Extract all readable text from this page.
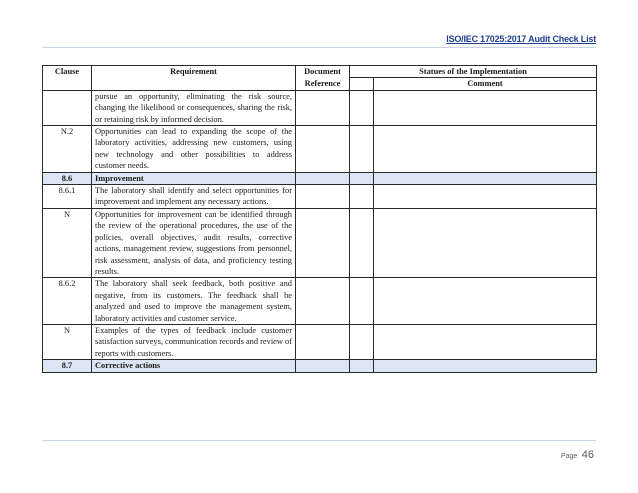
ISO/IEC 17025:2017 Audit Check List
Clause	Requirement	Document	Statues of the Implementation	
		Reference		Comment
	pursue an opportunity, eliminating the risk source, changing the likelihood or consequences, sharing the risk, or retaining risk by informed decision.			
N.2	Opportunities can lead to expanding the scope of the laboratory activities, addressing new customers, using new technology and other possibilities to address customer needs.			
8.6	Improvement			
8.6.1	The laboratory shall identify and select opportunities for improvement and implement any necessary actions.			
N	Opportunities for improvement can be identified through the review of the operational procedures, the use of the policies, overall objectives, audit results, corrective actions, management review, suggestions from personnel, risk assessment, analysis of data, and proficiency testing results.			
8.6.2	The laboratory shall seek feedback, both positive and negative, from its customers. The feedback shall be analyzed and used to improve the management system, laboratory activities and customer service.			
N	Examples of the types of feedback include customer satisfaction surveys, communication records and review of reports with customers.			
8.7	Corrective actions			
Page 46
